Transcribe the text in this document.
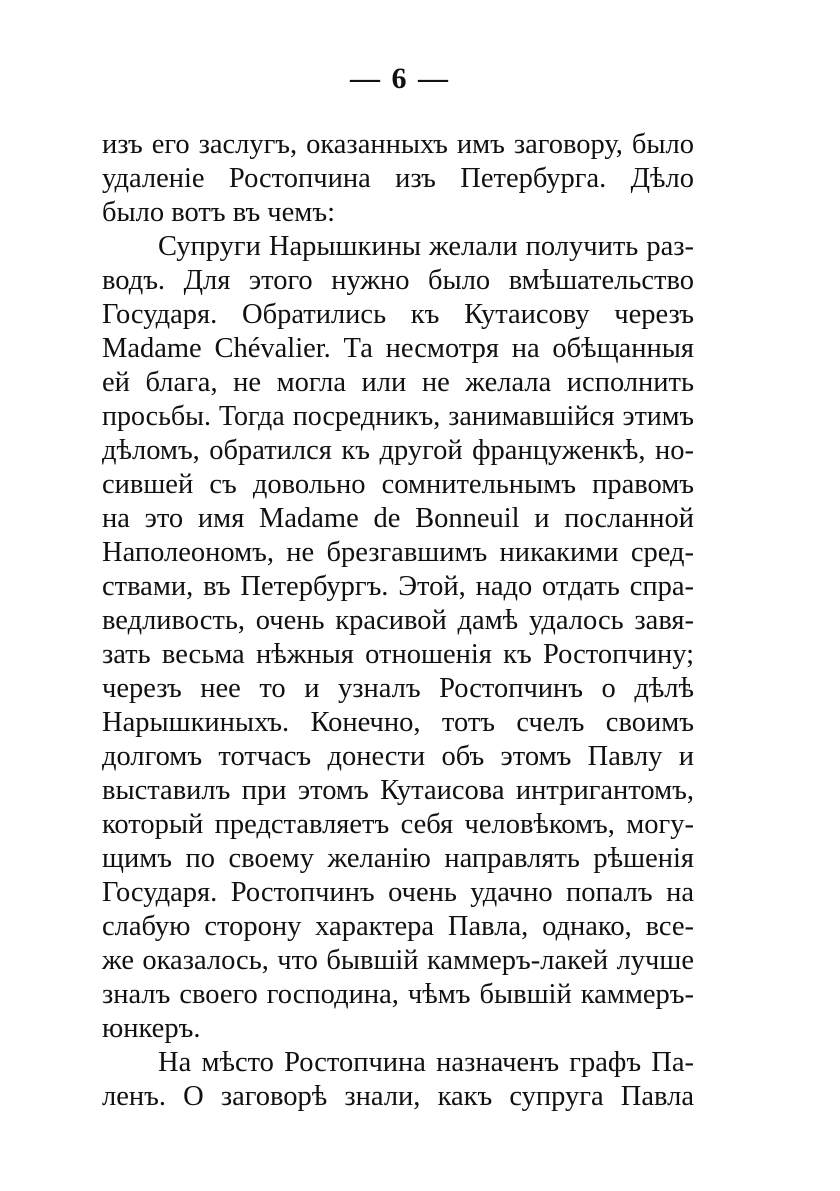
— 6 —
изъ его заслугъ, оказанныхъ имъ заговору, было
удаленіе Ростопчина изъ Петербурга. Дѣло
было вотъ въ чемъ:
Супруги Нарышкины желали получить раз-
водъ. Для этого нужно было вмѣшательство
Государя. Обратились къ Кутаисову черезъ
Madame Chévalier. Та несмотря на обѣщанныя
ей блага, не могла или не желала исполнить
просьбы. Тогда посредникъ, занимавшійся этимъ
дѣломъ, обратился къ другой француженкѣ, но-
сившей съ довольно сомнительнымъ правомъ
на это имя Madame de Bonneuil и посланной
Наполеономъ, не брезгавшимъ никакими сред-
ствами, въ Петербургъ. Этой, надо отдать спра-
ведливость, очень красивой дамѣ удалось завя-
зать весьма нѣжныя отношенія къ Ростопчину;
черезъ нее то и узналъ Ростопчинъ о дѣлѣ
Нарышкиныхъ. Конечно, тотъ счелъ своимъ
долгомъ тотчасъ донести объ этомъ Павлу и
выставилъ при этомъ Кутаисова интригантомъ,
который представляетъ себя человѣкомъ, могу-
щимъ по своему желанію направлять рѣшенія
Государя. Ростопчинъ очень удачно попалъ на
слабую сторону характера Павла, однако, все-
же оказалось, что бывшій каммеръ-лакей лучше
зналъ своего господина, чѣмъ бывшій каммеръ-
юнкеръ.
На мѣсто Ростопчина назначенъ графъ Па-
ленъ. О заговорѣ знали, какъ супруга Павла
